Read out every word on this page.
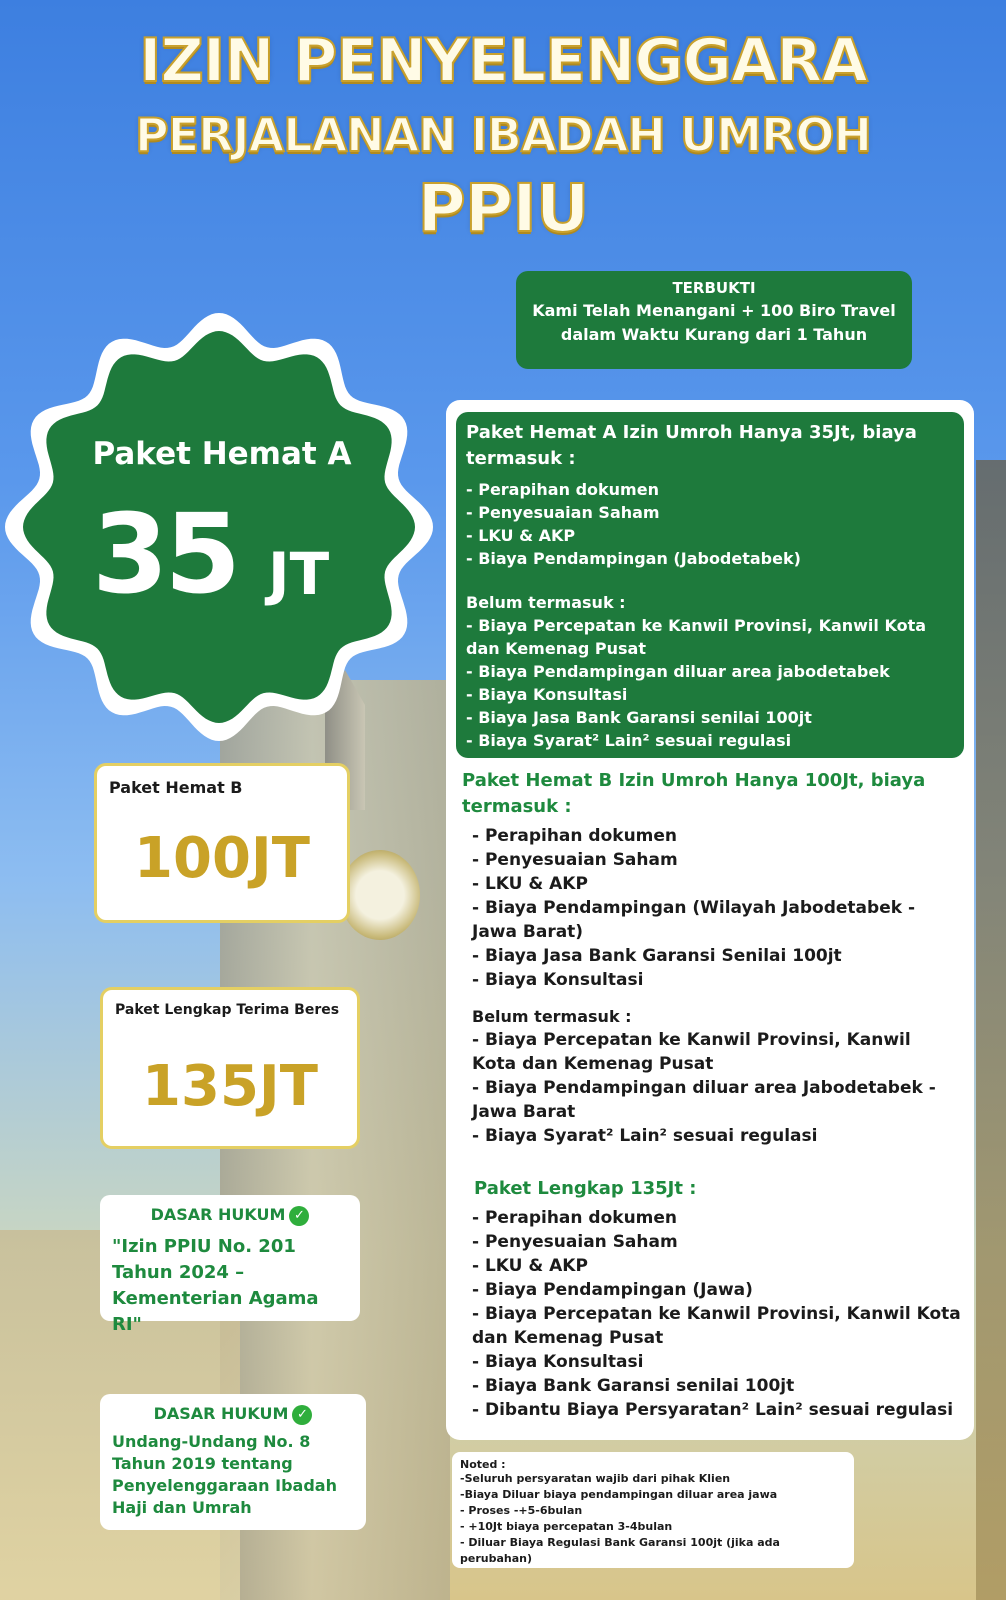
IZIN PENYELENGGARA
PERJALANAN IBADAH UMROH
PPIU
TERBUKTI
Kami Telah Menangani + 100 Biro Travel
dalam Waktu Kurang dari 1 Tahun
Paket Hemat A
35 JT
Paket Hemat B
100JT
Paket Lengkap Terima Beres
135JT
DASAR HUKUM ✓
"Izin PPIU No. 201 Tahun 2024 – Kementerian Agama RI"
DASAR HUKUM ✓
Undang-Undang No. 8 Tahun 2019 tentang Penyelenggaraan Ibadah Haji dan Umrah
Paket Hemat A Izin Umroh Hanya 35Jt, biaya termasuk :
- Perapihan dokumen
- Penyesuaian Saham
- LKU & AKP
- Biaya Pendampingan (Jabodetabek)
Belum termasuk :
- Biaya Percepatan ke Kanwil Provinsi, Kanwil Kota dan Kemenag Pusat
- Biaya Pendampingan diluar area jabodetabek
- Biaya Konsultasi
- Biaya Jasa Bank Garansi senilai 100jt
- Biaya Syarat² Lain² sesuai regulasi
Paket Hemat B Izin Umroh Hanya 100Jt, biaya termasuk :
- Perapihan dokumen
- Penyesuaian Saham
- LKU & AKP
- Biaya Pendampingan (Wilayah Jabodetabek - Jawa Barat)
- Biaya Jasa Bank Garansi Senilai 100jt
- Biaya Konsultasi
Belum termasuk :
- Biaya Percepatan ke Kanwil Provinsi, Kanwil Kota dan Kemenag Pusat
- Biaya Pendampingan diluar area Jabodetabek - Jawa Barat
- Biaya Syarat² Lain² sesuai regulasi
Paket Lengkap 135Jt :
- Perapihan dokumen
- Penyesuaian Saham
- LKU & AKP
- Biaya Pendampingan (Jawa)
- Biaya Percepatan ke Kanwil Provinsi, Kanwil Kota dan Kemenag Pusat
- Biaya Konsultasi
- Biaya Bank Garansi senilai 100jt
- Dibantu Biaya Persyaratan² Lain² sesuai regulasi
Noted :
-Seluruh persyaratan wajib dari pihak Klien
-Biaya Diluar biaya pendampingan diluar area jawa
- Proses -+5-6bulan
- +10Jt biaya percepatan 3-4bulan
- Diluar Biaya Regulasi Bank Garansi 100jt (jika ada perubahan)
